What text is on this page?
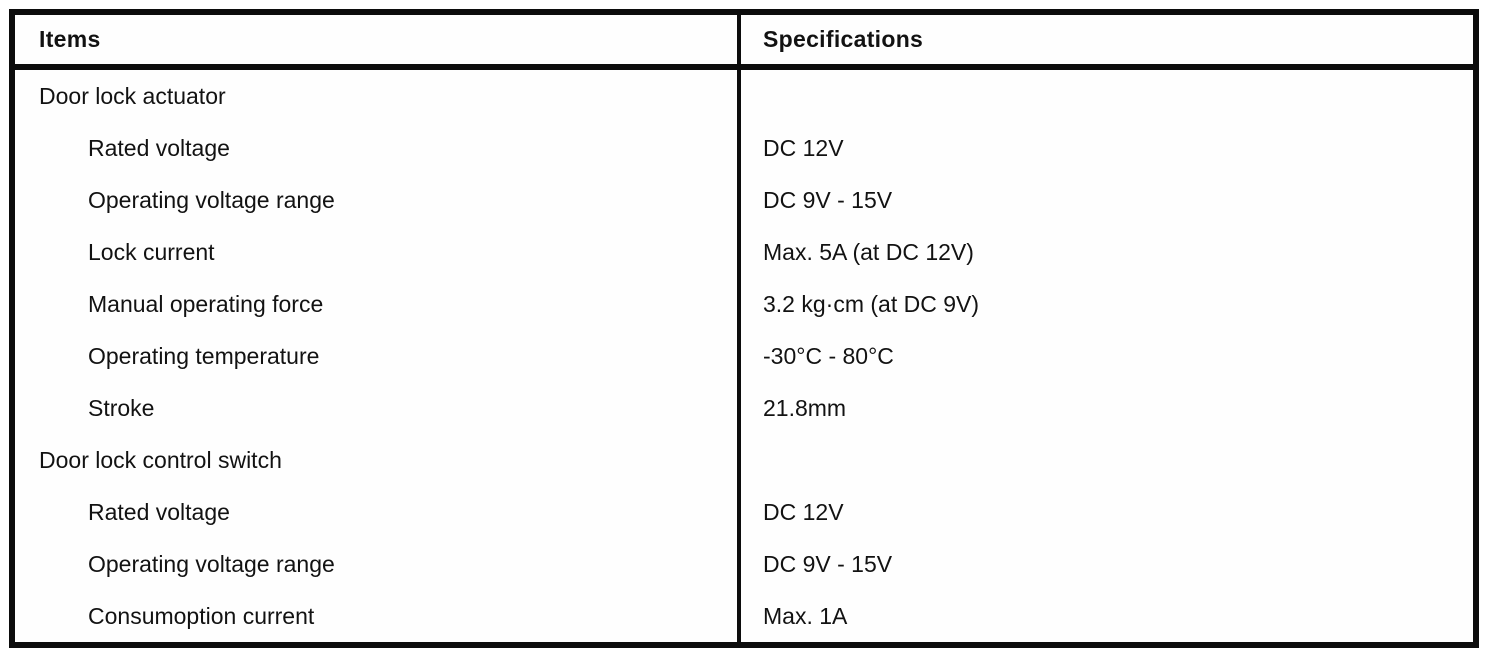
Items	Specifications
Door lock actuator	
Rated voltage	DC 12V
Operating voltage range	DC 9V - 15V
Lock current	Max. 5A (at DC 12V)
Manual operating force	3.2 kg·cm (at DC 9V)
Operating temperature	-30°C - 80°C
Stroke	21.8mm
Door lock control switch	
Rated voltage	DC 12V
Operating voltage range	DC 9V - 15V
Consumoption current	Max. 1A
